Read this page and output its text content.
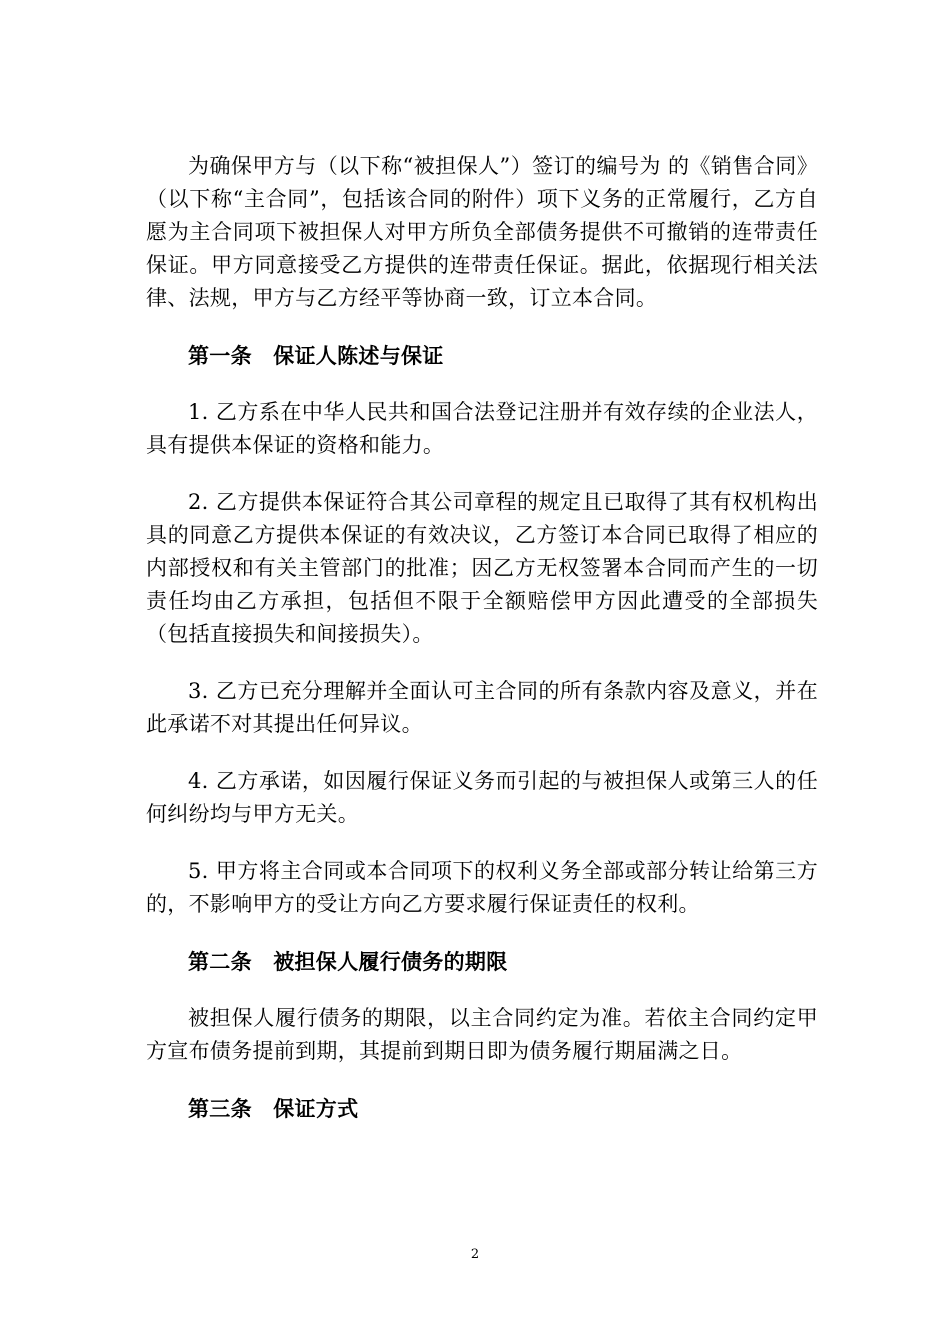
为确保甲方与（以下称“被担保人”）签订的编号为 的《销售合同》（以下称“主合同”，包括该合同的附件）项下义务的正常履行，乙方自愿为主合同项下被担保人对甲方所负全部债务提供不可撤销的连带责任保证。甲方同意接受乙方提供的连带责任保证。据此，依据现行相关法律、法规，甲方与乙方经平等协商一致，订立本合同。

第一条　保证人陈述与保证

1. 乙方系在中华人民共和国合法登记注册并有效存续的企业法人，具有提供本保证的资格和能力。

2. 乙方提供本保证符合其公司章程的规定且已取得了其有权机构出具的同意乙方提供本保证的有效决议，乙方签订本合同已取得了相应的内部授权和有关主管部门的批准；因乙方无权签署本合同而产生的一切责任均由乙方承担，包括但不限于全额赔偿甲方因此遭受的全部损失（包括直接损失和间接损失）。

3. 乙方已充分理解并全面认可主合同的所有条款内容及意义，并在此承诺不对其提出任何异议。

4. 乙方承诺，如因履行保证义务而引起的与被担保人或第三人的任何纠纷均与甲方无关。

5. 甲方将主合同或本合同项下的权利义务全部或部分转让给第三方的，不影响甲方的受让方向乙方要求履行保证责任的权利。

第二条　被担保人履行债务的期限

被担保人履行债务的期限，以主合同约定为准。若依主合同约定甲方宣布债务提前到期，其提前到期日即为债务履行期届满之日。

第三条　保证方式

2
